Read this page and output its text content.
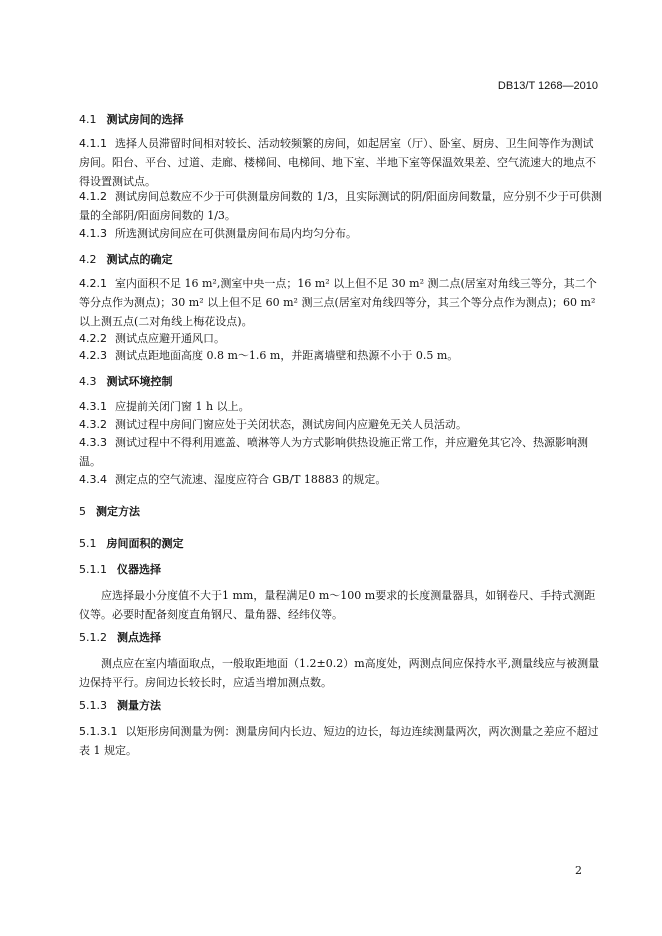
DB13/T 1268—2010
4.1 测试房间的选择
4.1.1 选择人员滞留时间相对较长、活动较频繁的房间，如起居室（厅）、卧室、厨房、卫生间等作为测试房间。阳台、平台、过道、走廊、楼梯间、电梯间、地下室、半地下室等保温效果差、空气流速大的地点不得设置测试点。
4.1.2 测试房间总数应不少于可供测量房间数的 1/3，且实际测试的阴/阳面房间数量，应分别不少于可供测量的全部阴/阳面房间数的 1/3。
4.1.3 所选测试房间应在可供测量房间布局内均匀分布。
4.2 测试点的确定
4.2.1 室内面积不足 16 m²,测室中央一点；16 m² 以上但不足 30 m² 测二点(居室对角线三等分，其二个等分点作为测点)；30 m² 以上但不足 60 m² 测三点(居室对角线四等分，其三个等分点作为测点)；60 m² 以上测五点(二对角线上梅花设点)。
4.2.2 测试点应避开通风口。
4.2.3 测试点距地面高度 0.8 m～1.6 m，并距离墙壁和热源不小于 0.5 m。
4.3 测试环境控制
4.3.1 应提前关闭门窗 1 h 以上。
4.3.2 测试过程中房间门窗应处于关闭状态，测试房间内应避免无关人员活动。
4.3.3 测试过程中不得利用遮盖、喷淋等人为方式影响供热设施正常工作，并应避免其它冷、热源影响测温。
4.3.4 测定点的空气流速、湿度应符合 GB/T 18883 的规定。
5 测定方法
5.1 房间面积的测定
5.1.1 仪器选择
应选择最小分度值不大于1 mm，量程满足0 m～100 m要求的长度测量器具，如钢卷尺、手持式测距仪等。必要时配备刻度直角钢尺、量角器、经纬仪等。
5.1.2 测点选择
测点应在室内墙面取点，一般取距地面（1.2±0.2）m高度处，两测点间应保持水平,测量线应与被测量边保持平行。房间边长较长时，应适当增加测点数。
5.1.3 测量方法
5.1.3.1 以矩形房间测量为例：测量房间内长边、短边的边长，每边连续测量两次，两次测量之差应不超过表 1 规定。
2
